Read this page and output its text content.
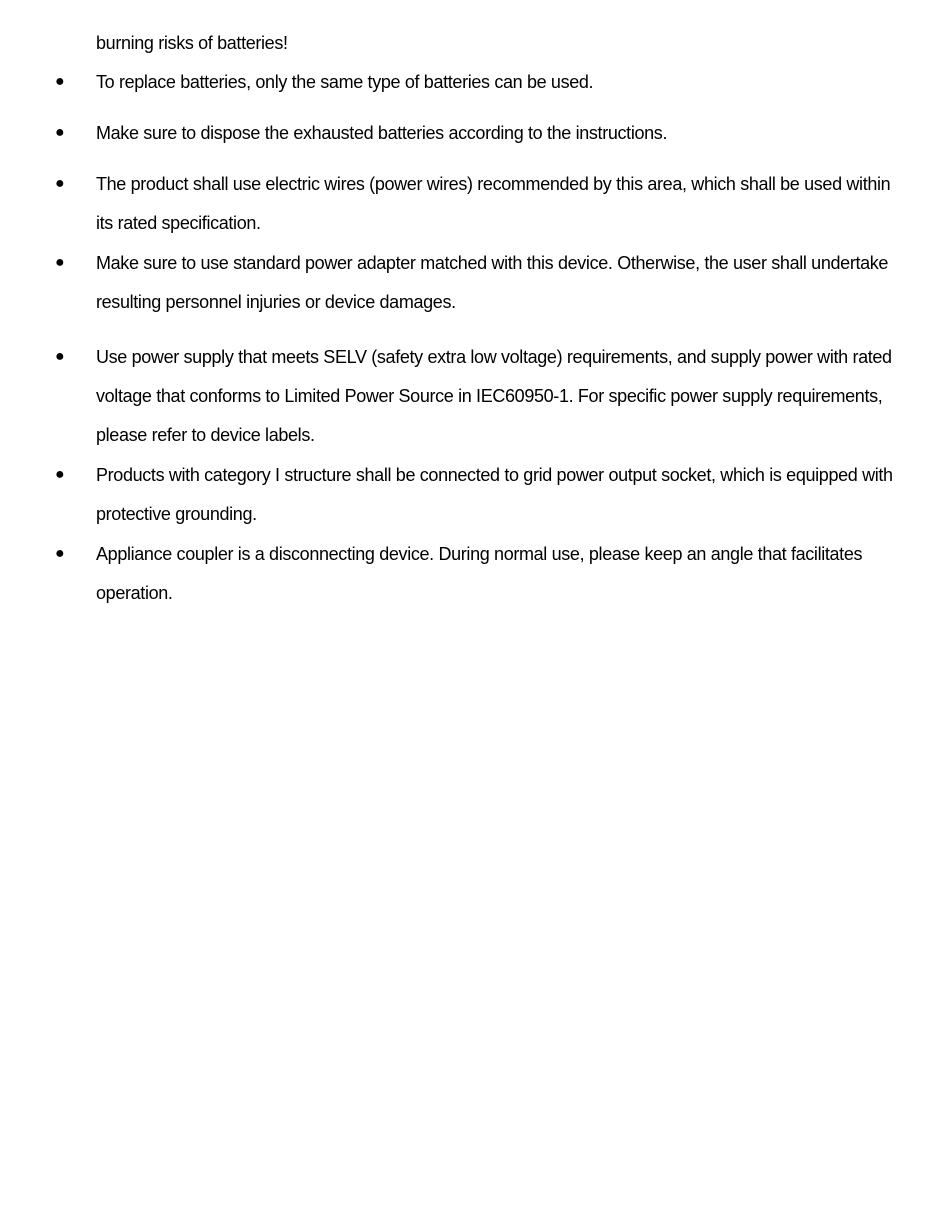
burning risks of batteries!
●	To replace batteries, only the same type of batteries can be used.
●	Make sure to dispose the exhausted batteries according to the instructions.
●	The product shall use electric wires (power wires) recommended by this area, which shall be used within its rated specification.
●	Make sure to use standard power adapter matched with this device. Otherwise, the user shall undertake resulting personnel injuries or device damages.
●	Use power supply that meets SELV (safety extra low voltage) requirements, and supply power with rated voltage that conforms to Limited Power Source in IEC60950-1. For specific power supply requirements, please refer to device labels.
●	Products with category I structure shall be connected to grid power output socket, which is equipped with protective grounding.
●	Appliance coupler is a disconnecting device. During normal use, please keep an angle that facilitates operation.
